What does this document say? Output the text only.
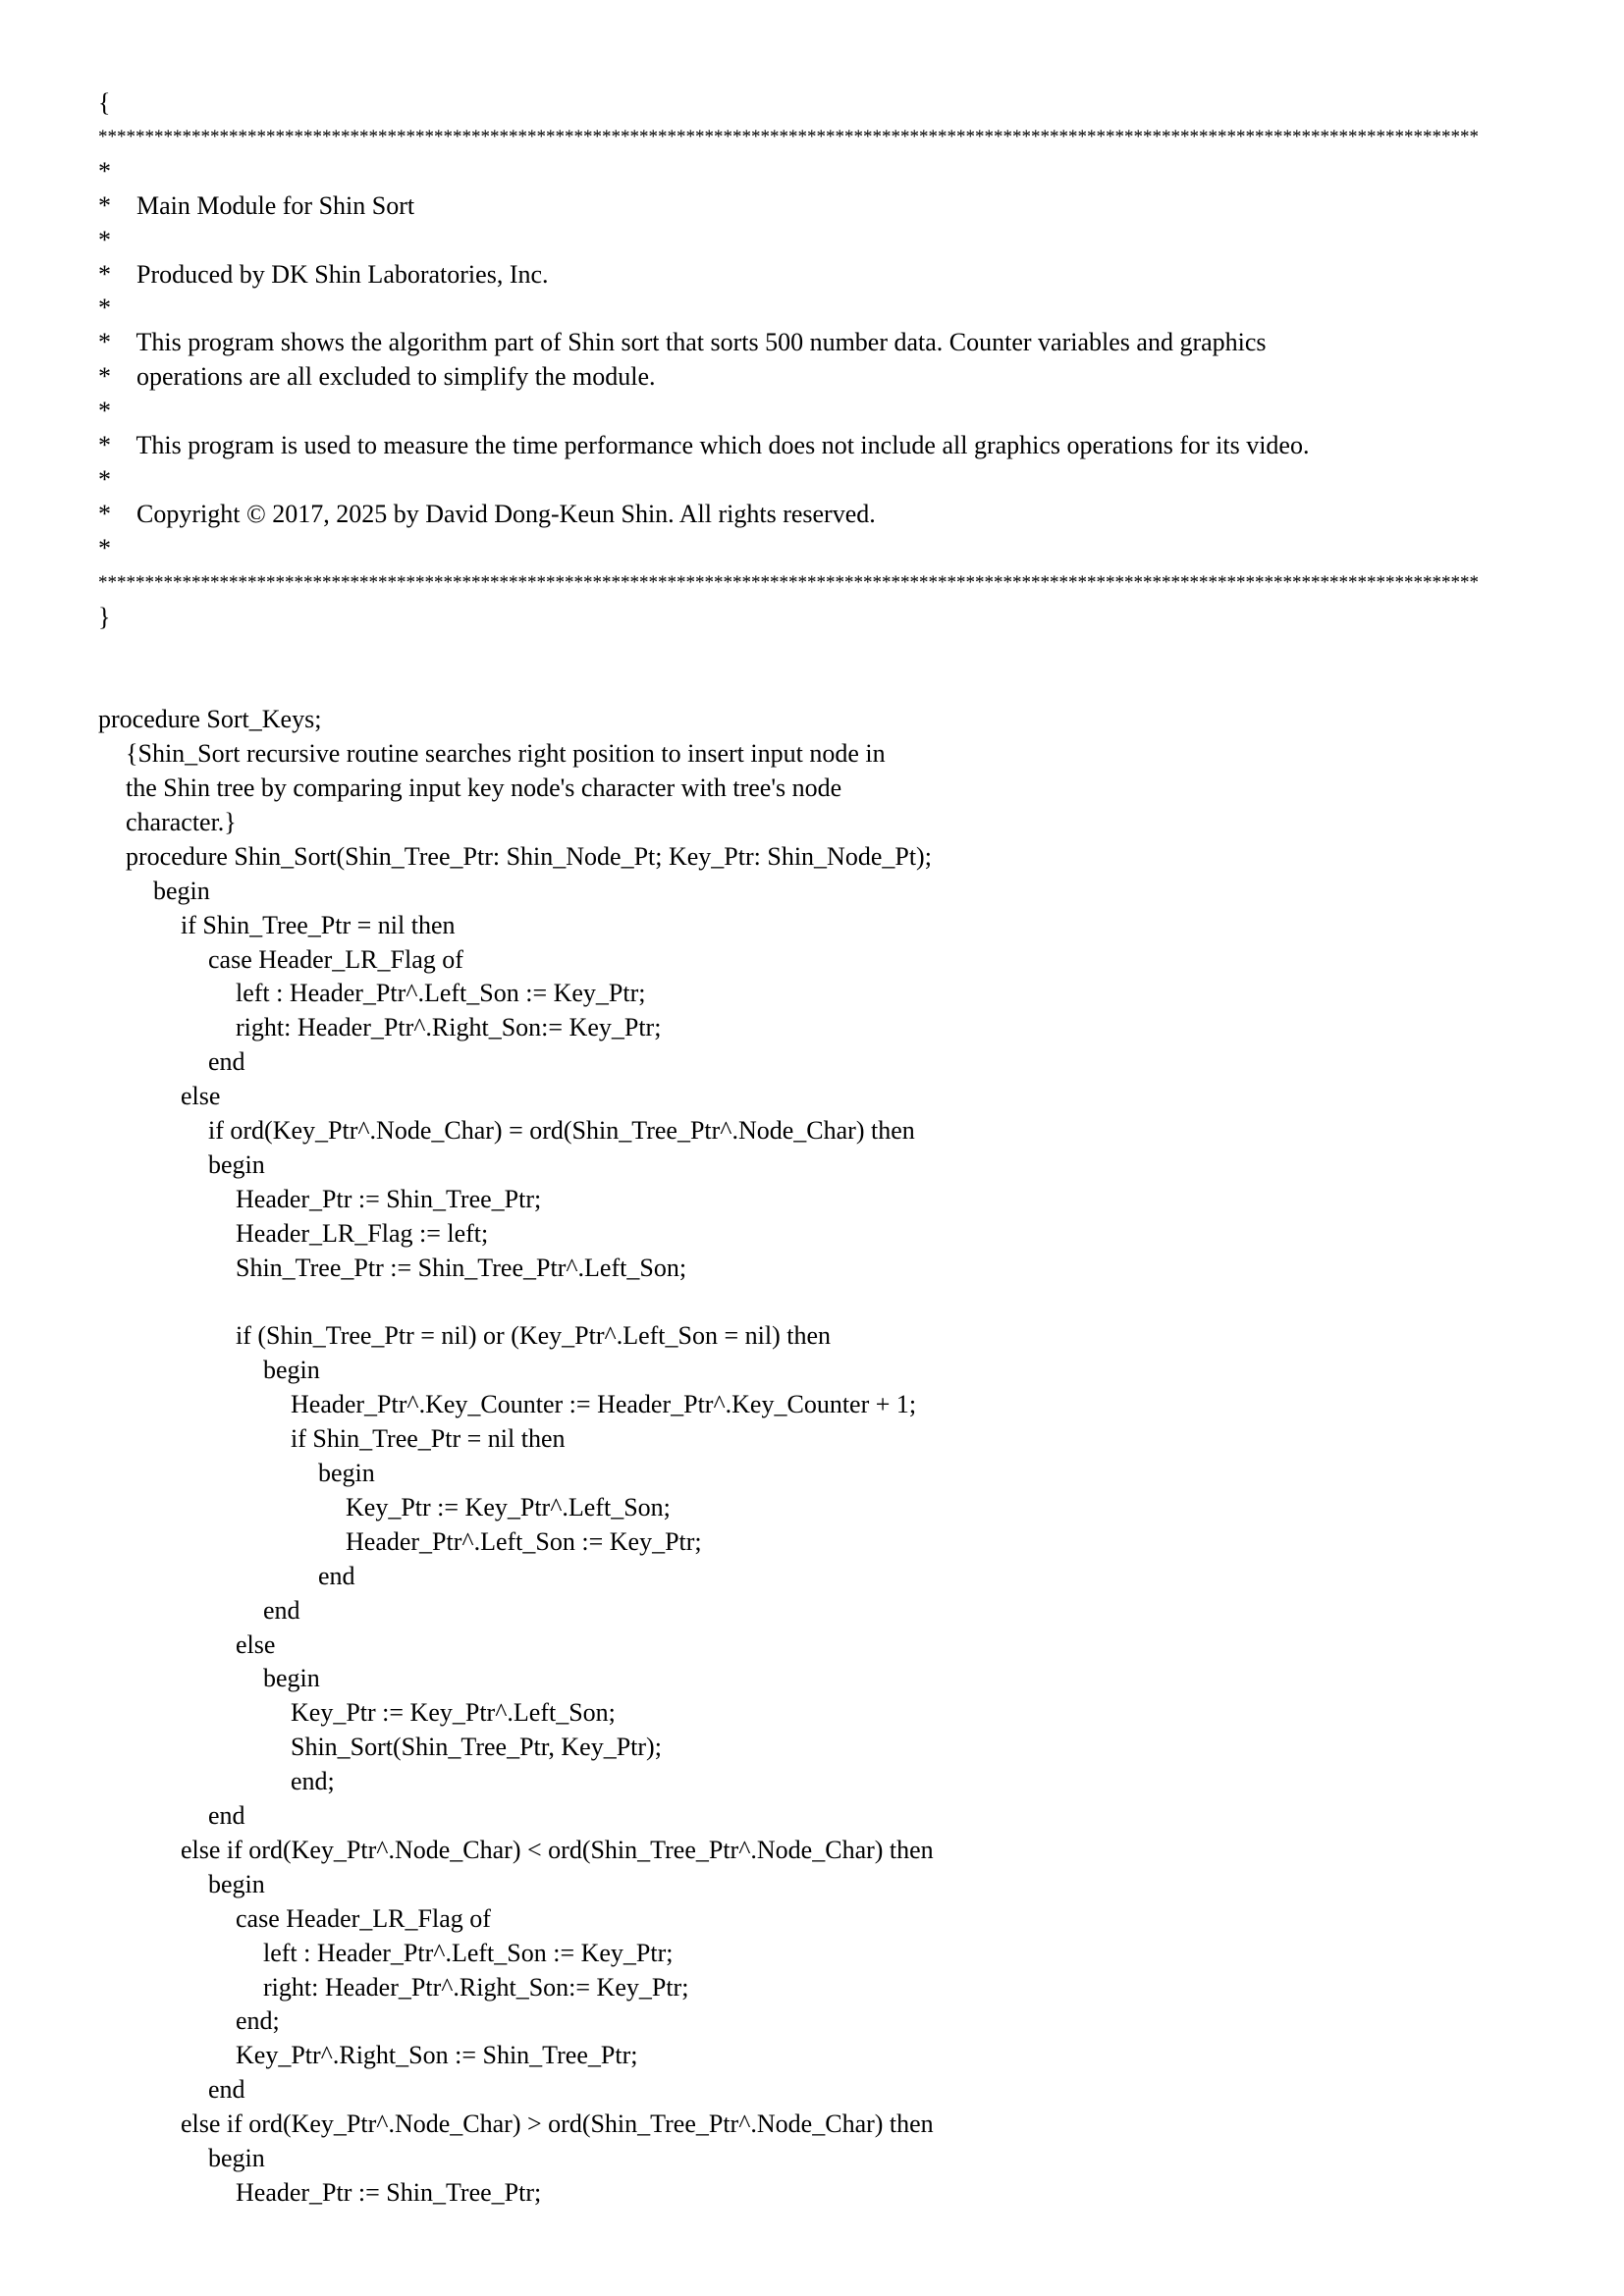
{
****************************************************************************************************************************************************
*
*    Main Module for Shin Sort
*
*    Produced by DK Shin Laboratories, Inc.
*
*    This program shows the algorithm part of Shin sort that sorts 500 number data. Counter variables and graphics
*    operations are all excluded to simplify the module.
*
*    This program is used to measure the time performance which does not include all graphics operations for its video.
*
*    Copyright © 2017, 2025 by David Dong-Keun Shin. All rights reserved.
*
****************************************************************************************************************************************************
}
procedure Sort_Keys;
{Shin_Sort recursive routine searches right position to insert input node in
the Shin tree by comparing input key node's character with tree's node
character.}
procedure Shin_Sort(Shin_Tree_Ptr: Shin_Node_Pt; Key_Ptr: Shin_Node_Pt);
begin
if Shin_Tree_Ptr = nil then
case Header_LR_Flag of
left : Header_Ptr^.Left_Son := Key_Ptr;
right: Header_Ptr^.Right_Son:= Key_Ptr;
end
else
if ord(Key_Ptr^.Node_Char) = ord(Shin_Tree_Ptr^.Node_Char) then
begin
Header_Ptr := Shin_Tree_Ptr;
Header_LR_Flag := left;
Shin_Tree_Ptr := Shin_Tree_Ptr^.Left_Son;
if (Shin_Tree_Ptr = nil) or (Key_Ptr^.Left_Son = nil) then
begin
Header_Ptr^.Key_Counter := Header_Ptr^.Key_Counter + 1;
if Shin_Tree_Ptr = nil then
begin
Key_Ptr := Key_Ptr^.Left_Son;
Header_Ptr^.Left_Son := Key_Ptr;
end
end
else
begin
Key_Ptr := Key_Ptr^.Left_Son;
Shin_Sort(Shin_Tree_Ptr, Key_Ptr);
end;
end
else if ord(Key_Ptr^.Node_Char) < ord(Shin_Tree_Ptr^.Node_Char) then
begin
case Header_LR_Flag of
left : Header_Ptr^.Left_Son := Key_Ptr;
right: Header_Ptr^.Right_Son:= Key_Ptr;
end;
Key_Ptr^.Right_Son := Shin_Tree_Ptr;
end
else if ord(Key_Ptr^.Node_Char) > ord(Shin_Tree_Ptr^.Node_Char) then
begin
Header_Ptr := Shin_Tree_Ptr;
